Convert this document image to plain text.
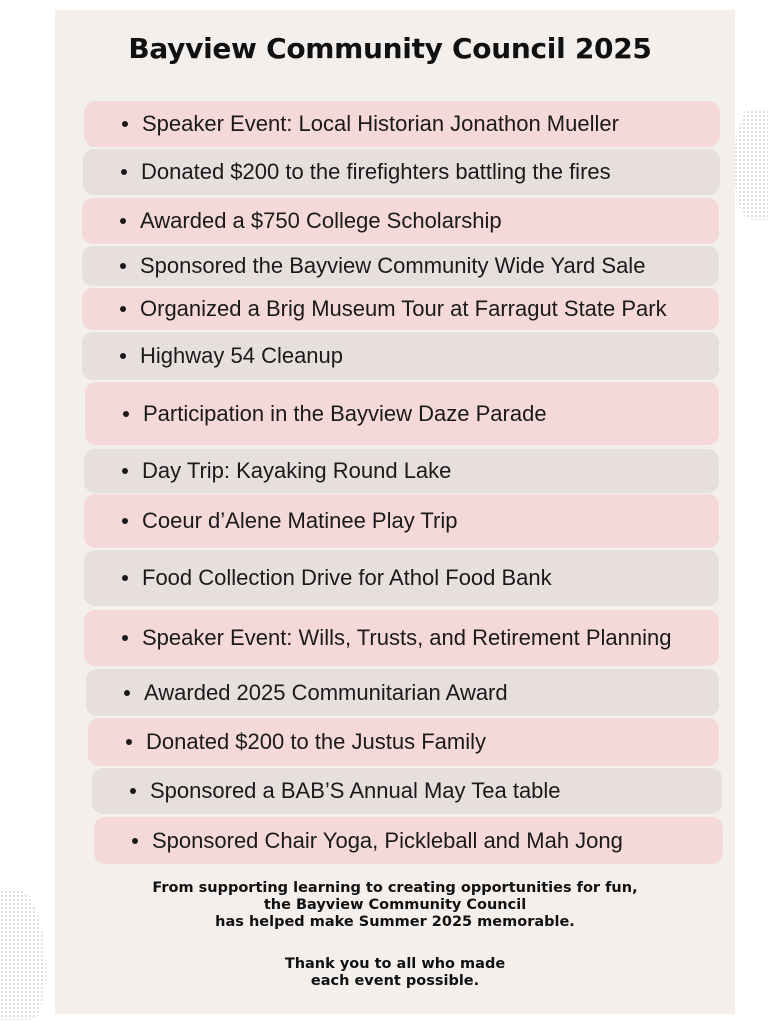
Bayview Community Council 2025
Speaker Event: Local Historian Jonathon Mueller
Donated $200 to the firefighters battling the fires
Awarded a $750 College Scholarship
Sponsored the Bayview Community Wide Yard Sale
Organized a Brig Museum Tour at Farragut State Park
Highway 54 Cleanup
Participation in the Bayview Daze Parade
Day Trip: Kayaking Round Lake
Coeur d’Alene Matinee Play Trip
Food Collection Drive for Athol Food Bank
Speaker Event: Wills, Trusts, and Retirement Planning
Awarded 2025 Communitarian Award
Donated $200 to the Justus Family
Sponsored a BAB’S Annual May Tea table
Sponsored Chair Yoga, Pickleball and Mah Jong

From supporting learning to creating opportunities for fun,
the Bayview Community Council
has helped make Summer 2025 memorable.

Thank you to all who made
each event possible.
